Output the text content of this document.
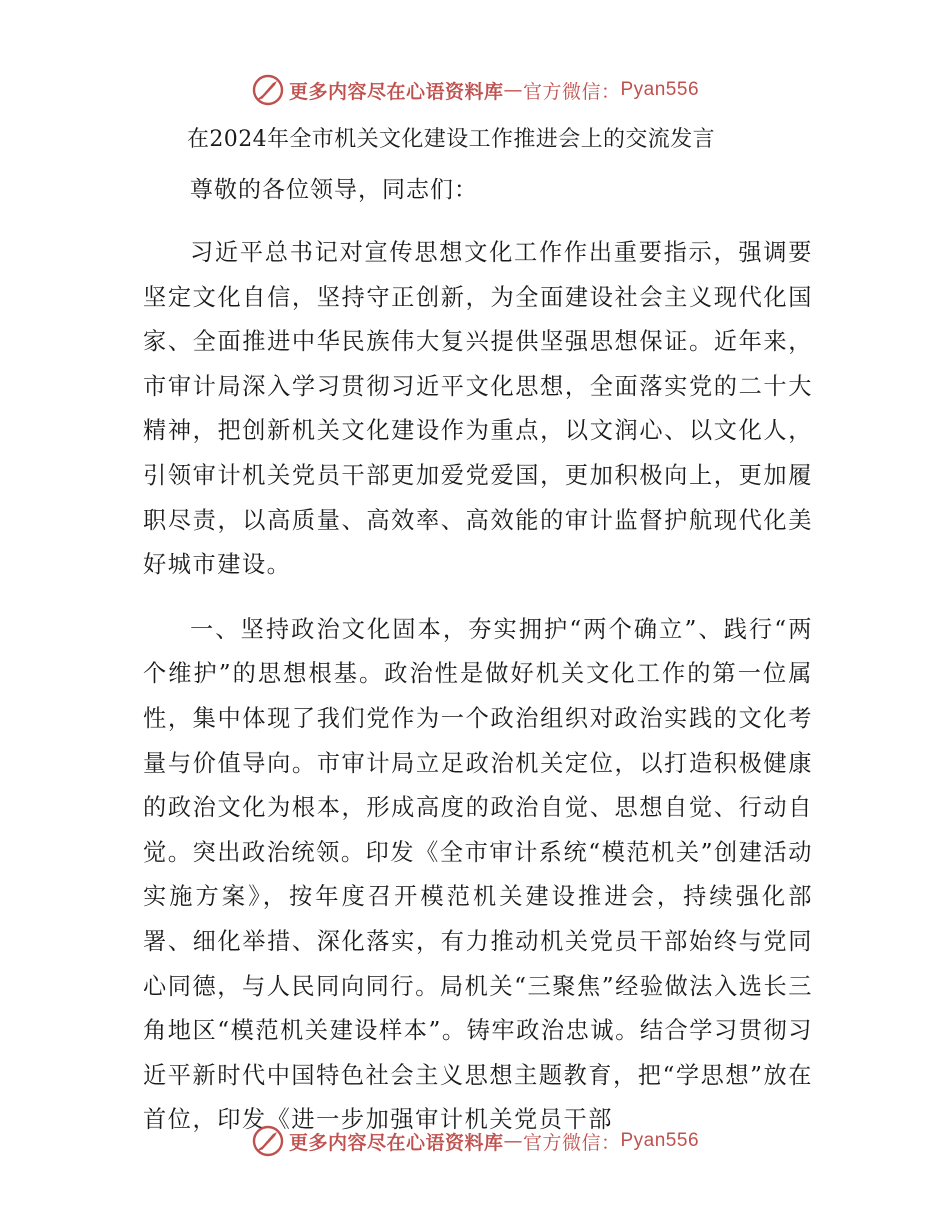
更多内容尽在心语资料库 — 官方微信： Pyan556
在2024年全市机关文化建设工作推进会上的交流发言
尊敬的各位领导，同志们：

习近平总书记对宣传思想文化工作作出重要指示，强调要坚定文化自信，坚持守正创新，为全面建设社会主义现代化国家、全面推进中华民族伟大复兴提供坚强思想保证。近年来，市审计局深入学习贯彻习近平文化思想，全面落实党的二十大精神，把创新机关文化建设作为重点，以文润心、以文化人，引领审计机关党员干部更加爱党爱国，更加积极向上，更加履职尽责，以高质量、高效率、高效能的审计监督护航现代化美好城市建设。

一、坚持政治文化固本，夯实拥护“两个确立”、践行“两个维护”的思想根基。政治性是做好机关文化工作的第一位属性，集中体现了我们党作为一个政治组织对政治实践的文化考量与价值导向。市审计局立足政治机关定位，以打造积极健康的政治文化为根本，形成高度的政治自觉、思想自觉、行动自觉。突出政治统领。印发《全市审计系统“模范机关”创建活动实施方案》，按年度召开模范机关建设推进会，持续强化部署、细化举措、深化落实，有力推动机关党员干部始终与党同心同德，与人民同向同行。局机关“三聚焦”经验做法入选长三角地区“模范机关建设样本”。铸牢政治忠诚。结合学习贯彻习近平新时代中国特色社会主义思想主题教育，把“学思想”放在首位，印发《进一步加强审计机关党员干部

更多内容尽在心语资料库 — 官方微信： Pyan556
